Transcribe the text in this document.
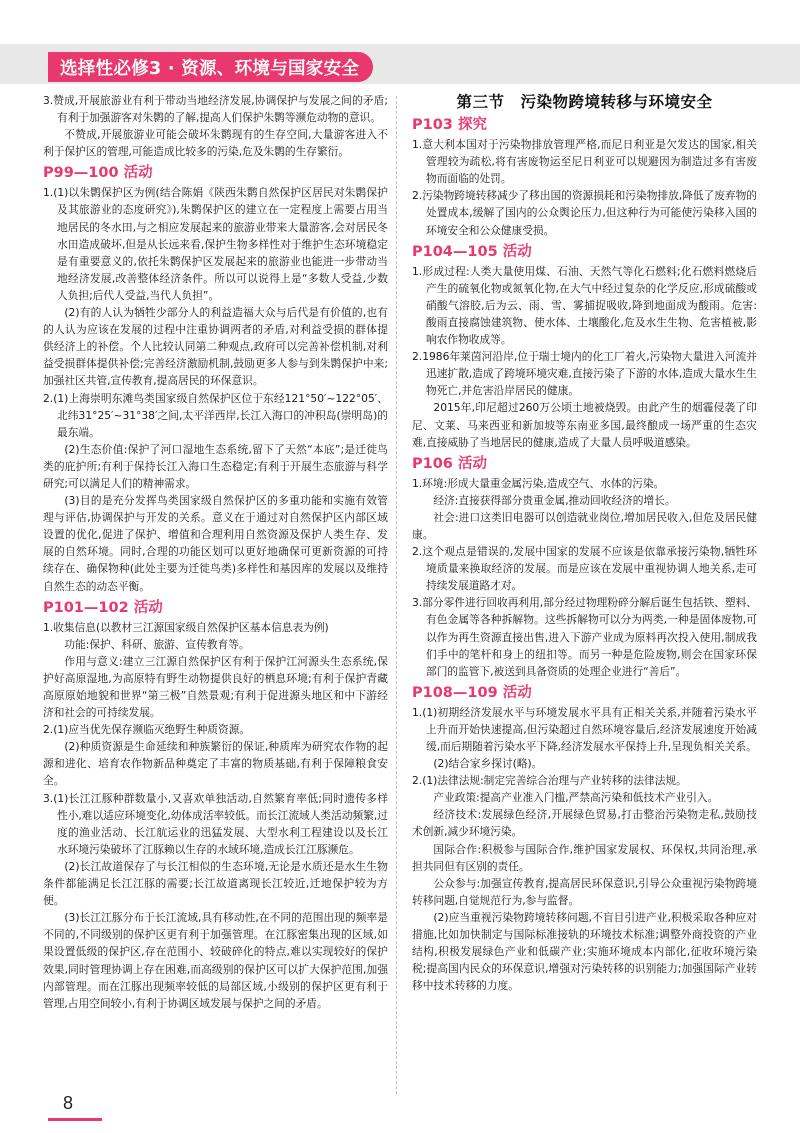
选择性必修3 · 资源、环境与国家安全

3.赞成,开展旅游业有利于带动当地经济发展,协调保护与发展之间的矛盾;有利于加强游客对朱鹮的了解,提高人们保护朱鹮等濒危动物的意识。

不赞成,开展旅游业可能会破坏朱鹮现有的生存空间,大量游客进入不利于保护区的管理,可能造成比较多的污染,危及朱鹮的生存繁衍。

P99—100 活动

1.(1)以朱鹮保护区为例(结合陈娟《陕西朱鹮自然保护区居民对朱鹮保护及其旅游业的态度研究》),朱鹮保护区的建立在一定程度上需要占用当地居民的冬水田,与之相应发展起来的旅游业带来大量游客,会对居民冬水田造成破坏,但是从长远来看,保护生物多样性对于维护生态环境稳定是有重要意义的,依托朱鹮保护区发展起来的旅游业也能进一步带动当地经济发展,改善整体经济条件。所以可以说得上是“多数人受益,少数人负担;后代人受益,当代人负担”。

(2)有的人认为牺牲少部分人的利益造福大众与后代是有价值的,也有的人认为应该在发展的过程中注重协调两者的矛盾,对利益受损的群体提供经济上的补偿。个人比较认同第二种观点,政府可以完善补偿机制,对利益受损群体提供补偿;完善经济激励机制,鼓励更多人参与到朱鹮保护中来;加强社区共管,宣传教育,提高居民的环保意识。

2.(1)上海崇明东滩鸟类国家级自然保护区位于东经121°50′~122°05′、北纬31°25′~31°38′之间,太平洋西岸,长江入海口的冲积岛(崇明岛)的最东端。

(2)生态价值:保护了河口湿地生态系统,留下了天然“本底”;是迁徙鸟类的庇护所;有利于保持长江入海口生态稳定;有利于开展生态旅游与科学研究;可以满足人们的精神需求。

(3)目的是充分发挥鸟类国家级自然保护区的多重功能和实施有效管理与评估,协调保护与开发的关系。意义在于通过对自然保护区内部区域设置的优化,促进了保护、增值和合理利用自然资源及保护人类生存、发展的自然环境。同时,合理的功能区划可以更好地确保可更新资源的可持续存在、确保物种(此处主要为迁徙鸟类)多样性和基因库的发展以及维持自然生态的动态平衡。

P101—102 活动

1.收集信息(以教材三江源国家级自然保护区基本信息表为例)

功能:保护、科研、旅游、宣传教育等。

作用与意义:建立三江源自然保护区有利于保护江河源头生态系统,保护好高原湿地,为高原特有野生动物提供良好的栖息环境;有利于保护青藏高原原始地貌和世界“第三极”自然景观;有利于促进源头地区和中下游经济和社会的可持续发展。

2.(1)应当优先保存濒临灭绝野生种质资源。

(2)种质资源是生命延续和种族繁衍的保证,种质库为研究农作物的起源和进化、培育农作物新品种奠定了丰富的物质基础,有利于保障粮食安全。

3.(1)长江江豚种群数量小,又喜欢单独活动,自然繁育率低;同时遗传多样性小,难以适应环境变化,幼体成活率较低。而长江流域人类活动频繁,过度的渔业活动、长江航运业的迅猛发展、大型水利工程建设以及长江水环境污染破坏了江豚赖以生存的水域环境,造成长江江豚濒危。

(2)长江故道保存了与长江相似的生态环境,无论是水质还是水生生物条件都能满足长江江豚的需要;长江故道离现长江较近,迁地保护较为方便。

(3)长江江豚分布于长江流域,具有移动性,在不同的范围出现的频率是不同的,不同级别的保护区更有利于加强管理。在江豚密集出现的区域,如果设置低级的保护区,存在范围小、较破碎化的特点,难以实现较好的保护效果,同时管理协调上存在困难,而高级别的保护区可以扩大保护范围,加强内部管理。而在江豚出现频率较低的局部区域,小级别的保护区更有利于管理,占用空间较小,有利于协调区域发展与保护之间的矛盾。

第三节　污染物跨境转移与环境安全
P103 探究

1.意大利本国对于污染物排放管理严格,而尼日利亚是欠发达的国家,相关管理较为疏松,将有害废物运至尼日利亚可以规避因为制造过多有害废物而面临的处罚。

2.污染物跨境转移减少了移出国的资源损耗和污染物排放,降低了废弃物的处置成本,缓解了国内的公众舆论压力,但这种行为可能使污染移入国的环境安全和公众健康受损。

P104—105 活动

1.形成过程:人类大量使用煤、石油、天然气等化石燃料;化石燃料燃烧后产生的硫氧化物或氮氧化物,在大气中经过复杂的化学反应,形成硫酸或硝酸气溶胶,后为云、雨、雪、雾捕捉吸收,降到地面成为酸雨。危害:酸雨直接腐蚀建筑物、使水体、土壤酸化,危及水生生物、危害植被,影响农作物收成等。

2.1986年莱茵河沿岸,位于瑞士境内的化工厂着火,污染物大量进入河流并迅速扩散,造成了跨境环境灾难,直接污染了下游的水体,造成大量水生生物死亡,并危害沿岸居民的健康。

2015年,印尼超过260万公顷土地被烧毁。由此产生的烟霾侵袭了印尼、文莱、马来西亚和新加坡等东南亚多国,最终酿成一场严重的生态灾难,直接威胁了当地居民的健康,造成了大量人员呼吸道感染。

P106 活动

1.环境:形成大量重金属污染,造成空气、水体的污染。

经济:直接获得部分贵重金属,推动回收经济的增长。

社会:进口这类旧电器可以创造就业岗位,增加居民收入,但危及居民健康。

2.这个观点是错误的,发展中国家的发展不应该是依靠承接污染物,牺牲环境质量来换取经济的发展。而是应该在发展中重视协调人地关系,走可持续发展道路才对。

3.部分零件进行回收再利用,部分经过物理粉碎分解后诞生包括铁、塑料、有色金属等各种拆解物。这些拆解物可以分为两类,一种是固体废物,可以作为再生资源直接出售,进入下游产业成为原料再次投入使用,制成我们手中的笔杆和身上的纽扣等。而另一种是危险废物,则会在国家环保部门的监管下,被送到具备资质的处理企业进行“善后”。

P108—109 活动

1.(1)初期经济发展水平与环境发展水平具有正相关关系,并随着污染水平上升而开始快速提高,但污染超过自然环境容量后,经济发展速度开始减缓,而后期随着污染水平下降,经济发展水平保持上升,呈现负相关关系。

(2)结合家乡探讨(略)。

2.(1)法律法规:制定完善综合治理与产业转移的法律法规。

产业政策:提高产业准入门槛,严禁高污染和低技术产业引入。

经济技术:发展绿色经济,开展绿色贸易,打击整治污染物走私,鼓励技术创新,减少环境污染。

国际合作:积极参与国际合作,维护国家发展权、环保权,共同治理,承担共同但有区别的责任。

公众参与:加强宣传教育,提高居民环保意识,引导公众重视污染物跨境转移问题,自觉规范行为,参与监督。

(2)应当重视污染物跨境转移问题,不盲目引进产业,积极采取各种应对措施,比如加快制定与国际标准接轨的环境技术标准;调整外商投资的产业结构,积极发展绿色产业和低碳产业;实施环境成本内部化,征收环境污染税;提高国内民众的环保意识,增强对污染转移的识别能力;加强国际产业转移中技术转移的力度。

8
